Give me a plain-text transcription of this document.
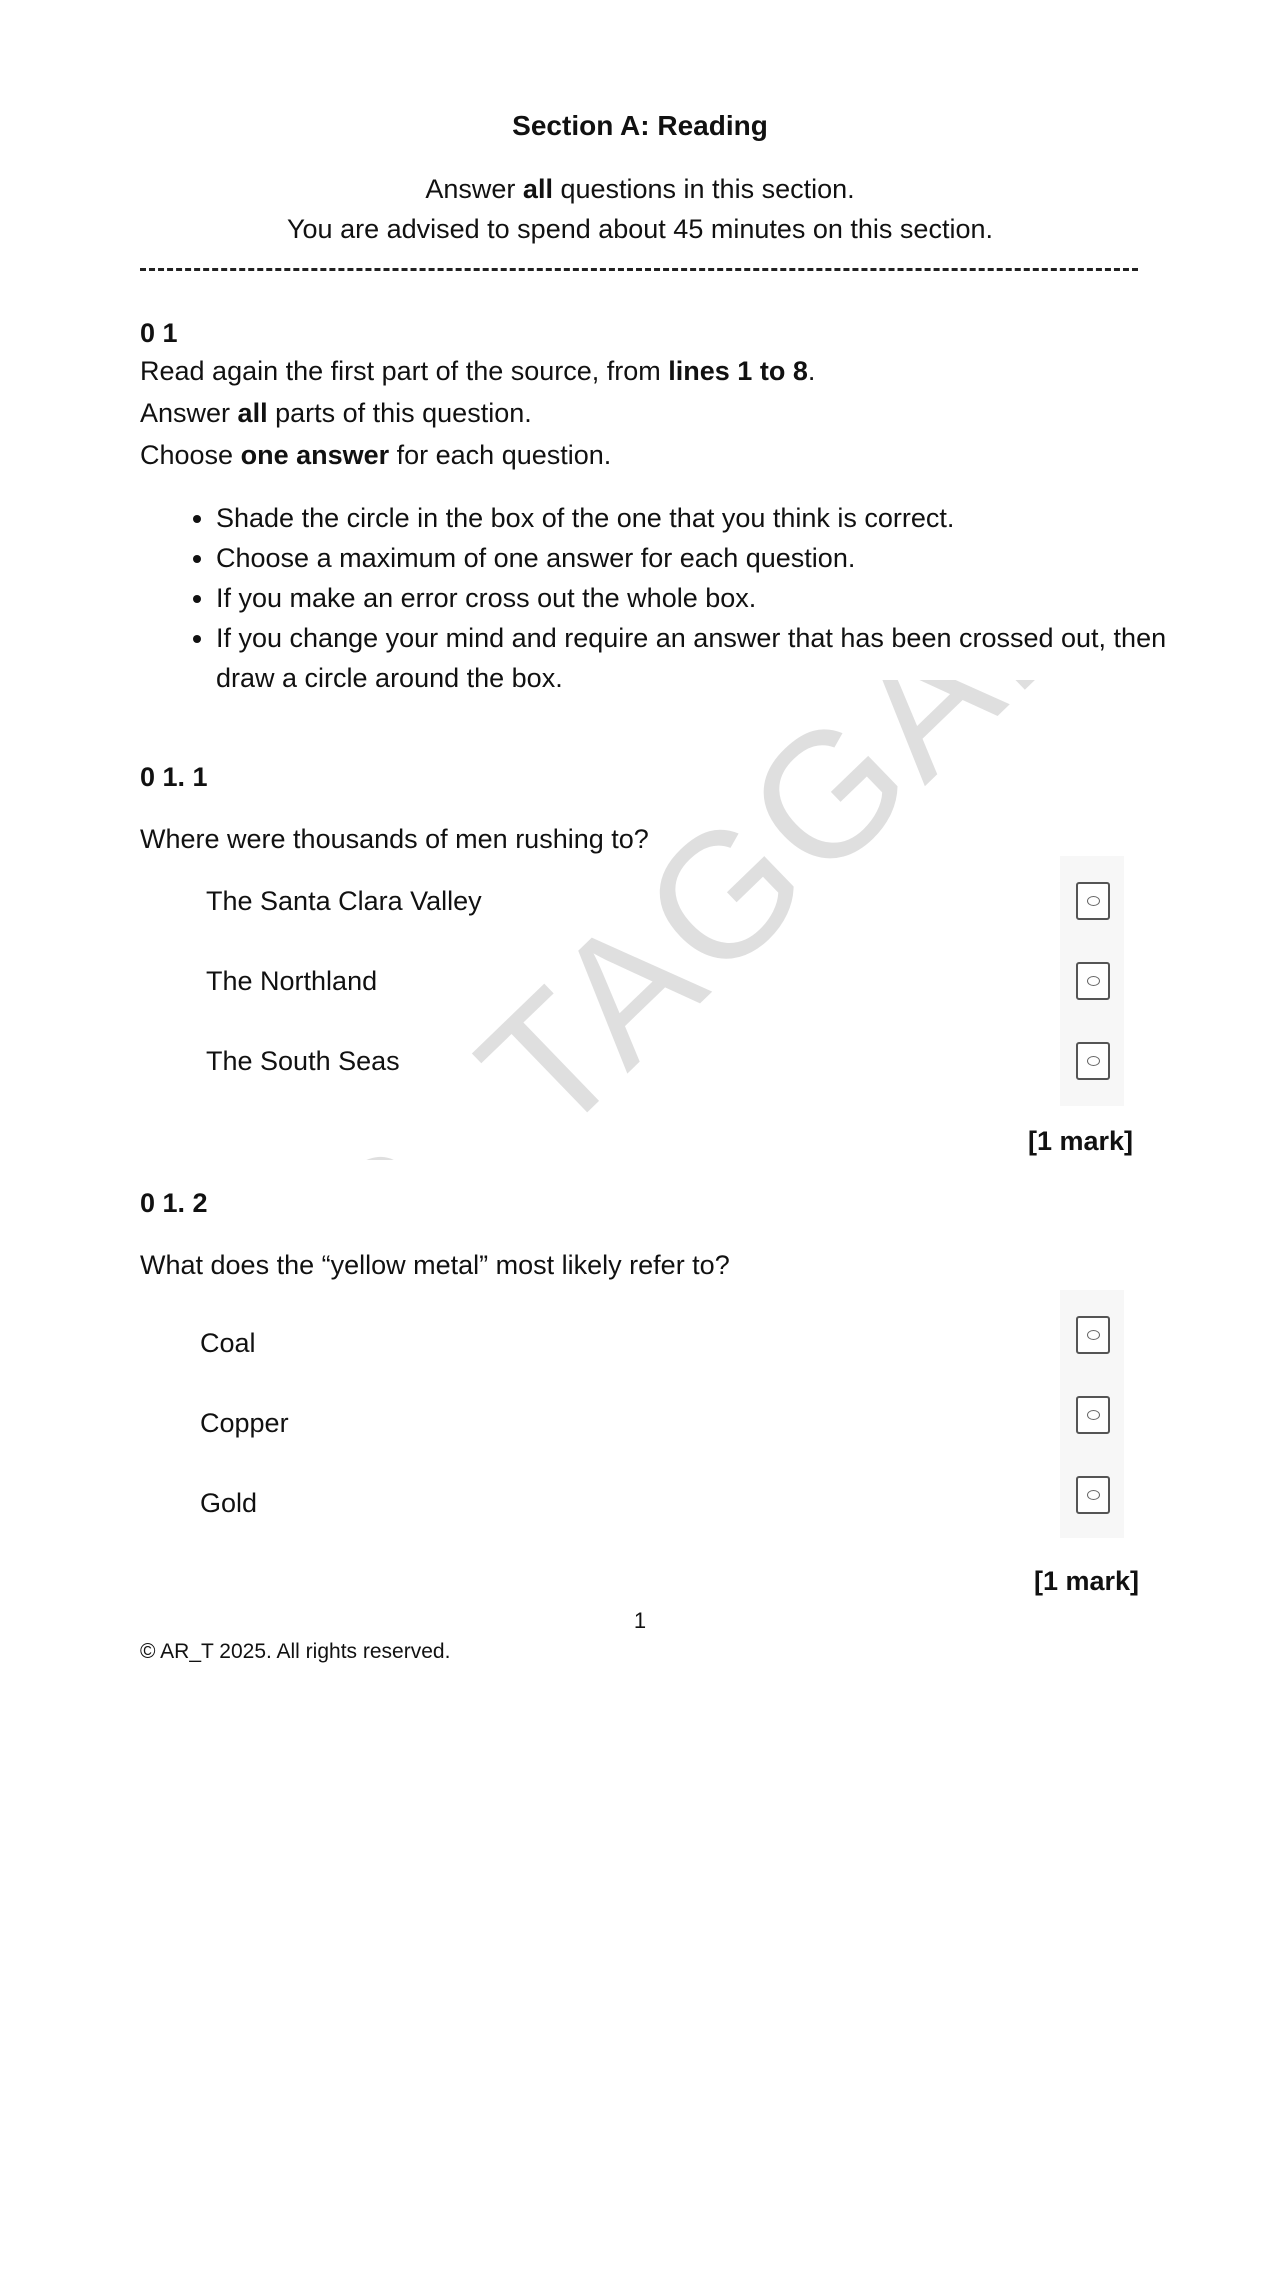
Section A: Reading
Answer all questions in this section.
You are advised to spend about 45 minutes on this section.
0 1
Read again the first part of the source, from lines 1 to 8.
Answer all parts of this question.
Choose one answer for each question.
• Shade the circle in the box of the one that you think is correct.
• Choose a maximum of one answer for each question.
• If you make an error cross out the whole box.
• If you change your mind and require an answer that has been crossed out, then draw a circle around the box.
0 1. 1
Where were thousands of men rushing to?
The Santa Clara Valley
The Northland
The South Seas
[1 mark]
0 1. 2
What does the “yellow metal” most likely refer to?
Coal
Copper
Gold
[1 mark]
1
© AR_T 2025. All rights reserved.
